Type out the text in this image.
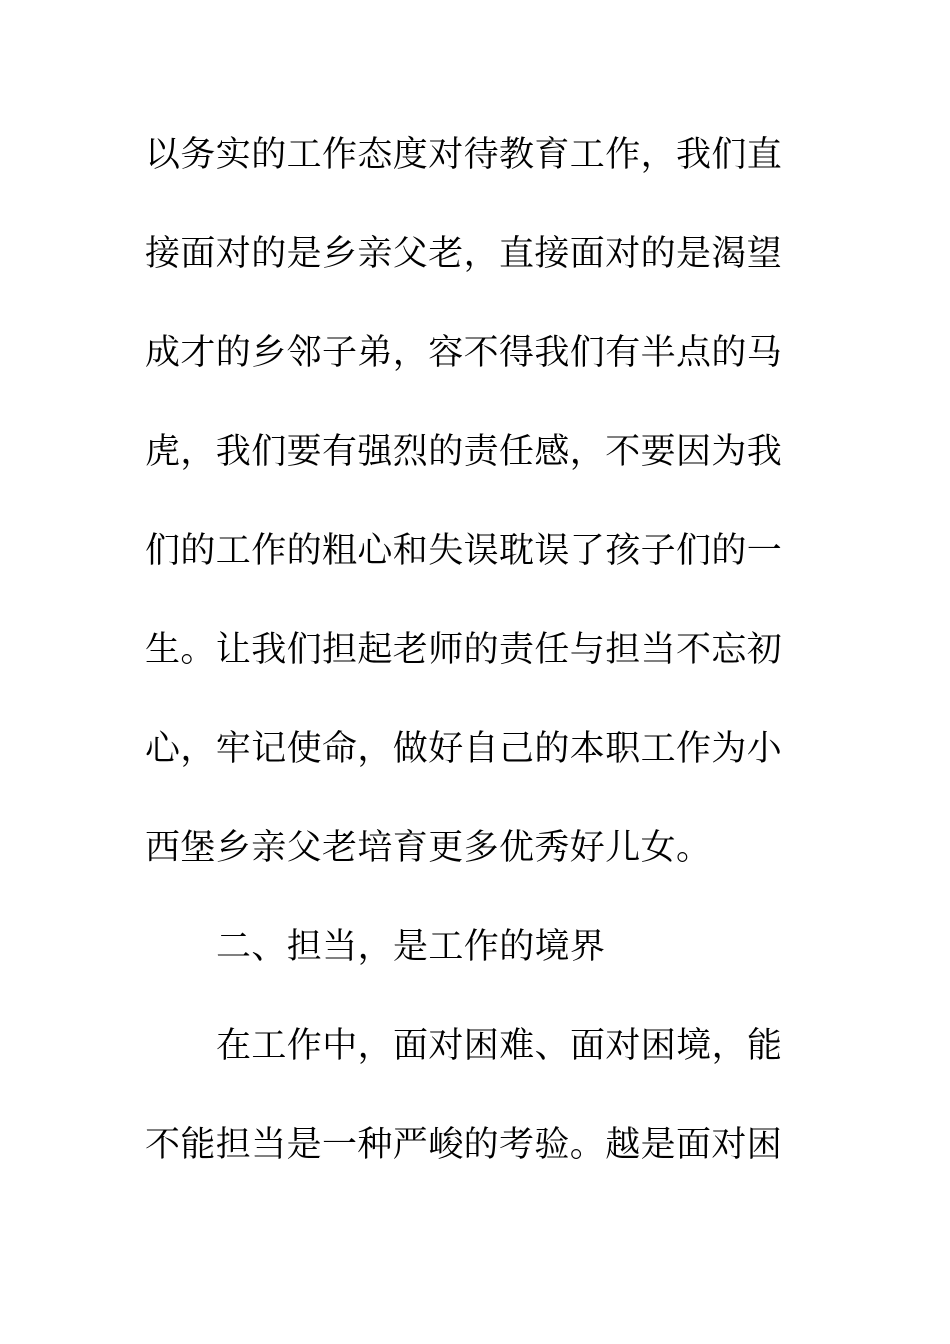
以务实的工作态度对待教育工作，我们直
接面对的是乡亲父老，直接面对的是渴望
成才的乡邻子弟，容不得我们有半点的马
虎，我们要有强烈的责任感，不要因为我
们的工作的粗心和失误耽误了孩子们的一
生。让我们担起老师的责任与担当不忘初
心，牢记使命，做好自己的本职工作为小
西堡乡亲父老培育更多优秀好儿女。
二、担当，是工作的境界
在工作中，面对困难、面对困境，能
不能担当是一种严峻的考验。越是面对困
